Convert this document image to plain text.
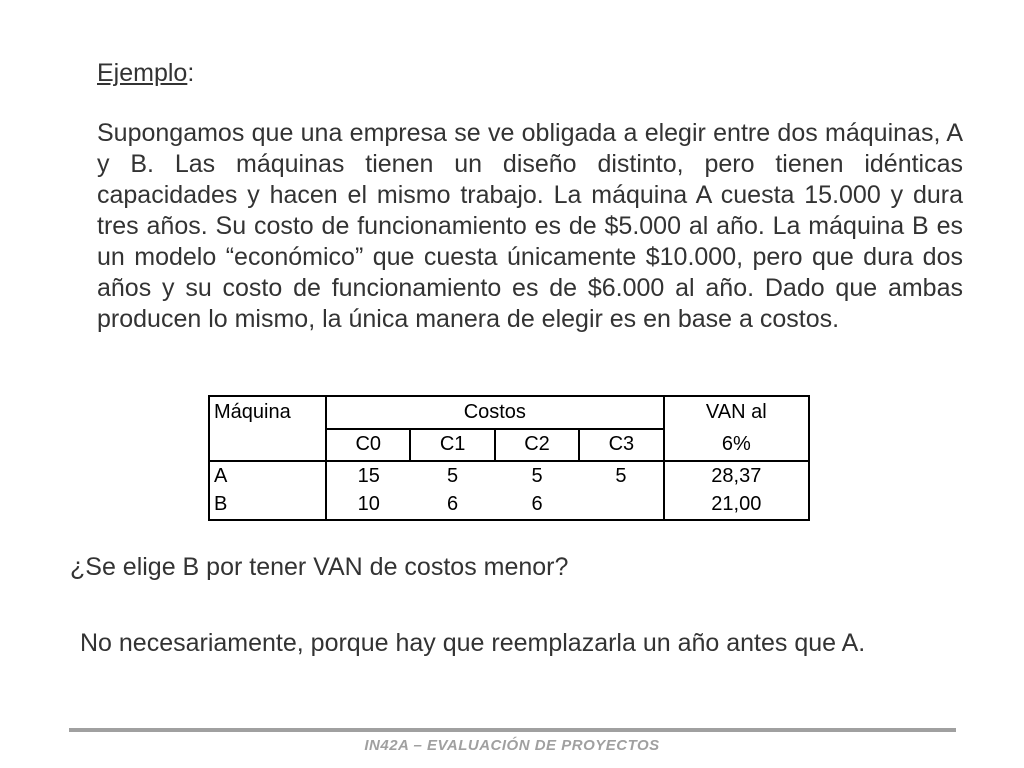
Ejemplo:
Supongamos que una empresa se ve obligada a elegir entre dos máquinas, A y B. Las máquinas tienen un diseño distinto, pero tienen idénticas capacidades y hacen el mismo trabajo. La máquina A cuesta 15.000 y dura tres años. Su costo de funcionamiento es de $5.000 al año. La máquina B es un modelo “económico” que cuesta únicamente $10.000, pero que dura dos años y su costo de funcionamiento es de $6.000 al año. Dado que ambas producen lo mismo, la única manera de elegir es en base a costos.
Máquina	Costos				VAN al
	C0	C1	C2	C3	6%
A	15	5	5	5	28,37
B	10	6	6		21,00
¿Se elige B por tener VAN de costos menor?
No necesariamente, porque hay que reemplazarla un año antes que A.
IN42A – EVALUACIÓN DE PROYECTOS
